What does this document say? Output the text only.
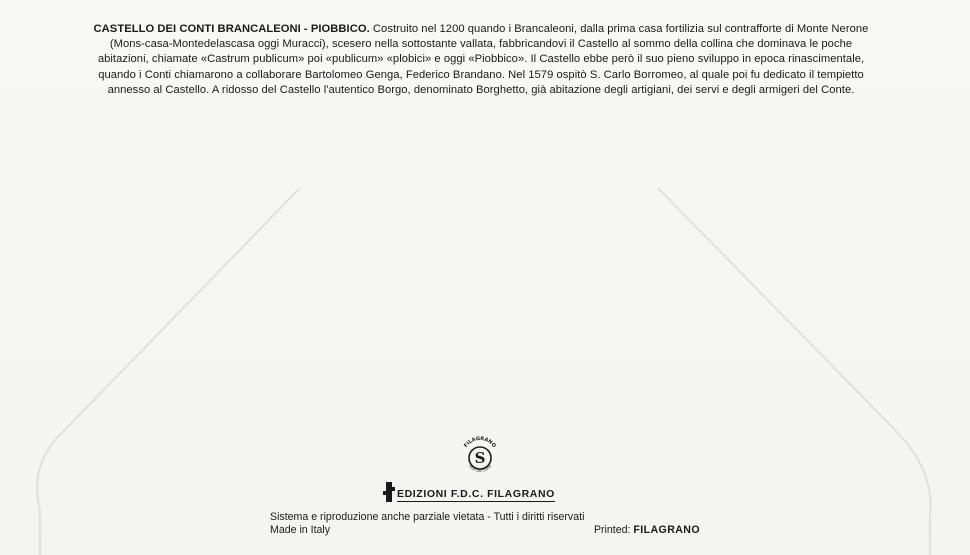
CASTELLO DEI CONTI BRANCALEONI - PIOBBICO. Costruito nel 1200 quando i Brancaleoni, dalla prima casa fortilizia sul contrafforte di Monte Nerone (Mons-casa-Montedelascasa oggi Muracci), scesero nella sottostante vallata, fabbricandovi il Castello al sommo della collina che dominava le poche abitazioni, chiamate «Castrum publicum» poi «publicum» «plobici» e oggi «Piobbico». Il Castello ebbe però il suo pieno sviluppo in epoca rinascimentale, quando i Conti chiamarono a collaborare Bartolomeo Genga, Federico Brandano. Nel 1579 ospitò S. Carlo Borromeo, al quale poi fu dedicato il tempietto annesso al Castello. A ridosso del Castello l'autentico Borgo, denominato Borghetto, già abitazione degli artigiani, dei servi e degli armigeri del Conte.
FILAGRANO
S
FIRST DAY COVER
EDIZIONI F.D.C. FILAGRANO
Sistema e riproduzione anche parziale vietata - Tutti i diritti riservati
Made in Italy	Printed: FILAGRANO
